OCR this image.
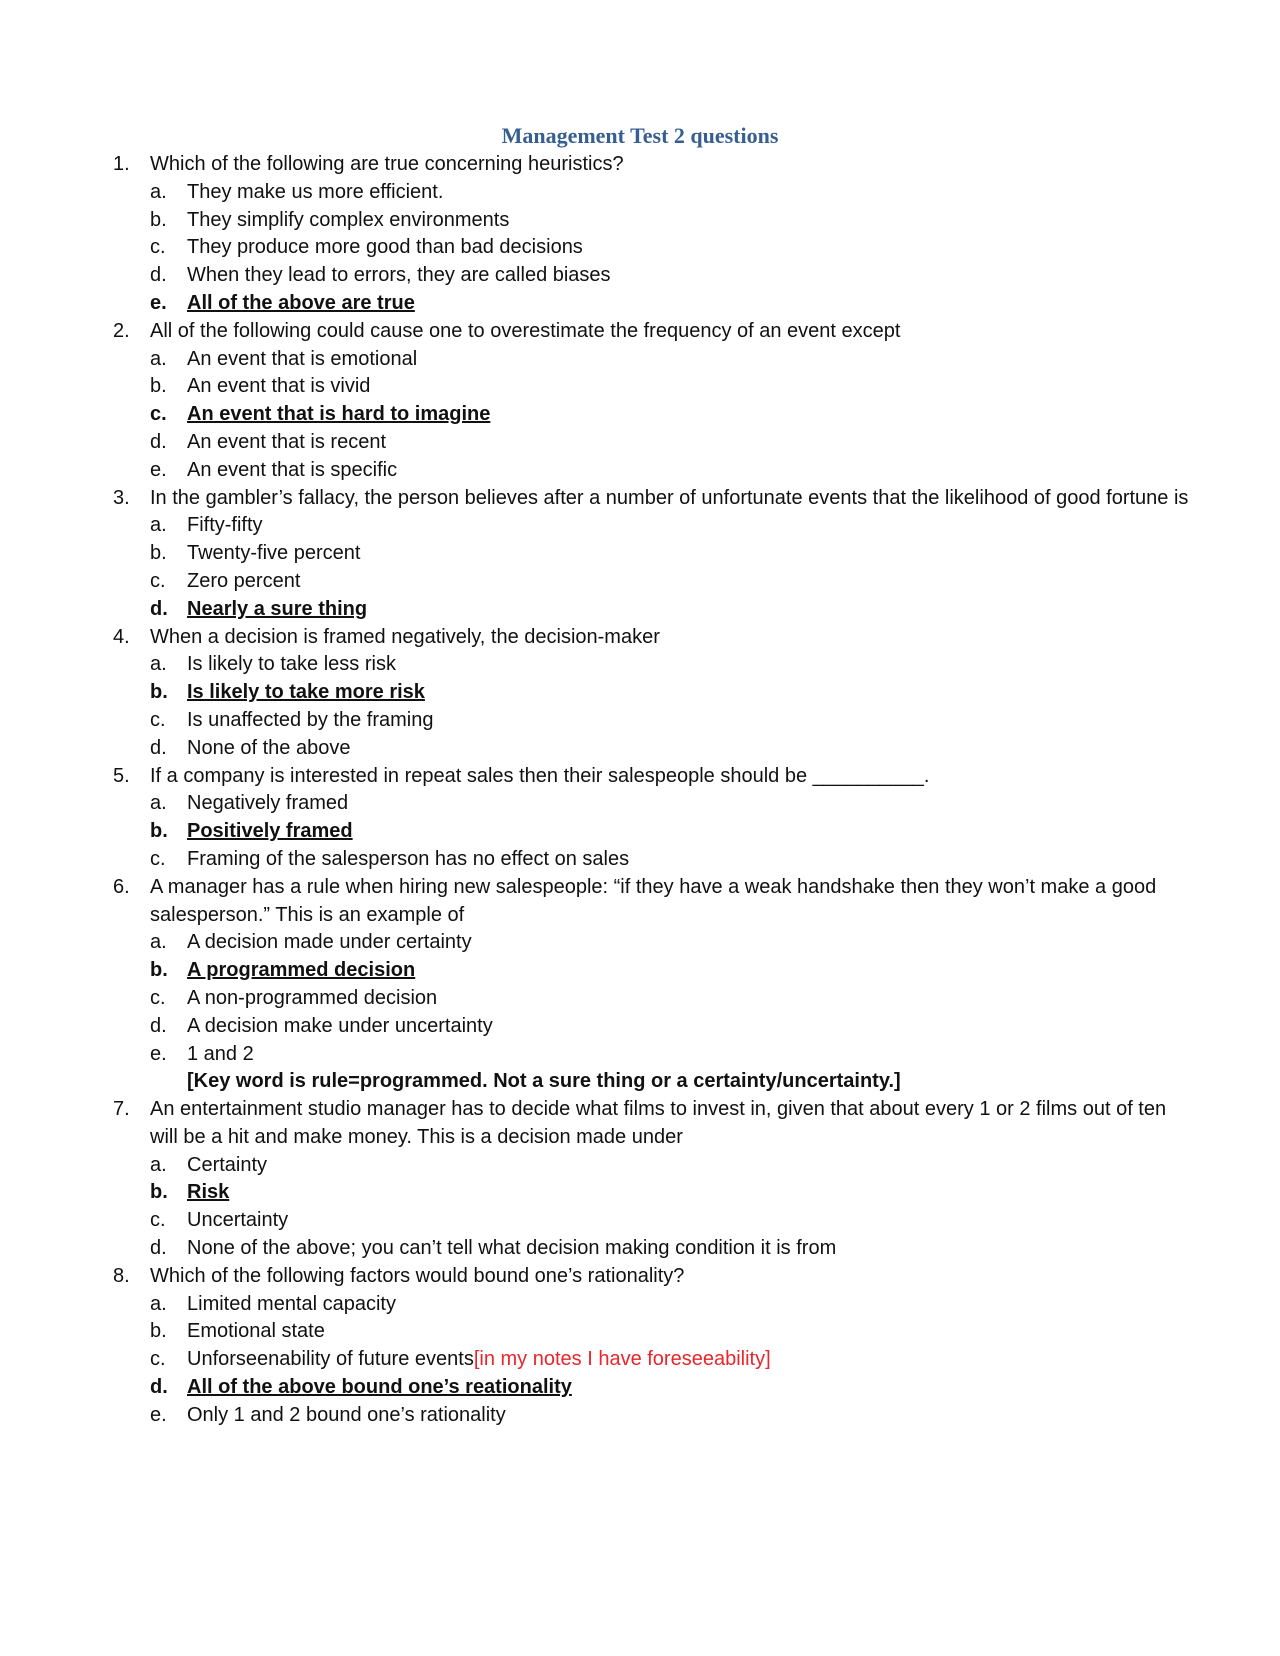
Management Test 2 questions
1. Which of the following are true concerning heuristics?
a. They make us more efficient.
b. They simplify complex environments
c. They produce more good than bad decisions
d. When they lead to errors, they are called biases
e. All of the above are true
2. All of the following could cause one to overestimate the frequency of an event except
a. An event that is emotional
b. An event that is vivid
c. An event that is hard to imagine
d. An event that is recent
e. An event that is specific
3. In the gambler’s fallacy, the person believes after a number of unfortunate events that the likelihood of good fortune is
a. Fifty-fifty
b. Twenty-five percent
c. Zero percent
d. Nearly a sure thing
4. When a decision is framed negatively, the decision-maker
a. Is likely to take less risk
b. Is likely to take more risk
c. Is unaffected by the framing
d. None of the above
5. If a company is interested in repeat sales then their salespeople should be __________.
a. Negatively framed
b. Positively framed
c. Framing of the salesperson has no effect on sales
6. A manager has a rule when hiring new salespeople: “if they have a weak handshake then they won’t make a good salesperson.” This is an example of
a. A decision made under certainty
b. A programmed decision
c. A non-programmed decision
d. A decision make under uncertainty
e. 1 and 2
[Key word is rule=programmed. Not a sure thing or a certainty/uncertainty.]
7. An entertainment studio manager has to decide what films to invest in, given that about every 1 or 2 films out of ten will be a hit and make money. This is a decision made under
a. Certainty
b. Risk
c. Uncertainty
d. None of the above; you can’t tell what decision making condition it is from
8. Which of the following factors would bound one’s rationality?
a. Limited mental capacity
b. Emotional state
c. Unforseenability of future events[in my notes I have foreseeability]
d. All of the above bound one’s reationality
e. Only 1 and 2 bound one’s rationality
